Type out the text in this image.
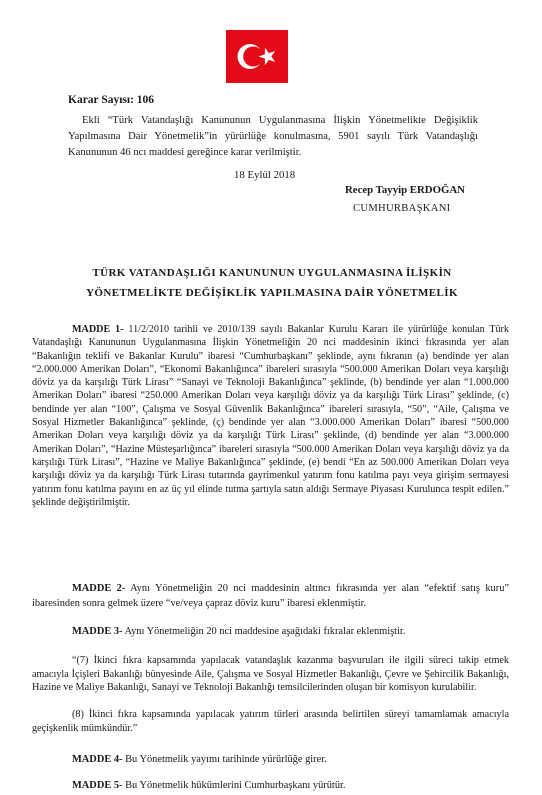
Karar Sayısı: 106
Ekli “Türk Vatandaşlığı Kanununun Uygulanmasına İlişkin Yönetmelikte Değişiklik Yapılmasına Dair Yönetmelik”in yürürlüğe konulmasına, 5901 sayılı Türk Vatandaşlığı Kanununun 46 ncı maddesi gereğince karar verilmiştir.
18 Eylül 2018
Recep Tayyip ERDOĞAN
CUMHURBAŞKANI
TÜRK VATANDAŞLIĞI KANUNUNUN UYGULANMASINA İLİŞKİN
YÖNETMELİKTE DEĞİŞİKLİK YAPILMASINA DAİR YÖNETMELİK
MADDE 1- 11/2/2010 tarihli ve 2010/139 sayılı Bakanlar Kurulu Kararı ile yürürlüğe konulan Türk Vatandaşlığı Kanununun Uygulanmasına İlişkin Yönetmeliğin 20 nci maddesinin ikinci fıkrasında yer alan “Bakanlığın teklifi ve Bakanlar Kurulu” ibaresi “Cumhurbaşkanı” şeklinde, aynı fıkranın (a) bendinde yer alan “2.000.000 Amerikan Doları”, “Ekonomi Bakanlığınca” ibareleri sırasıyla “500.000 Amerikan Doları veya karşılığı döviz ya da karşılığı Türk Lirası” “Sanayi ve Teknoloji Bakanlığınca” şeklinde, (b) bendinde yer alan “1.000.000 Amerikan Doları” ibaresi “250.000 Amerikan Doları veya karşılığı döviz ya da karşılığı Türk Lirası” şeklinde, (c) bendinde yer alan “100”, Çalışma ve Sosyal Güvenlik Bakanlığınca” ibareleri sırasıyla, “50”, “Aile, Çalışma ve Sosyal Hizmetler Bakanlığınca” şeklinde, (ç) bendinde yer alan “3.000.000 Amerikan Doları” ibaresi “500.000 Amerikan Doları veya karşılığı döviz ya da karşılığı Türk Lirası” şeklinde, (d) bendinde yer alan “3.000.000 Amerikan Doları”, “Hazine Müsteşarlığınca” ibareleri sırasıyla “500.000 Amerikan Doları veya karşılığı döviz ya da karşılığı Türk Lirası”, “Hazine ve Maliye Bakanlığınca” şeklinde, (e) bendi “En az 500.000 Amerikan Doları veya karşılığı döviz ya da karşılığı Türk Lirası tutarında gayrimenkul yatırım fonu katılma payı veya girişim sermayesi yatırım fonu katılma payını en az üç yıl elinde tutma şartıyla satın aldığı Sermaye Piyasası Kurulunca tespit edilen.” şeklinde değiştirilmiştir.
MADDE 2- Aynı Yönetmeliğin 20 nci maddesinin altıncı fıkrasında yer alan “efektif satış kuru” ibaresinden sonra gelmek üzere “ve/veya çapraz döviz kuru” ibaresi eklenmiştir.
MADDE 3- Aynı Yönetmeliğin 20 nci maddesine aşağıdaki fıkralar eklenmiştir.
“(7) İkinci fıkra kapsamında yapılacak vatandaşlık kazanma başvuruları ile ilgili süreci takip etmek amacıyla İçişleri Bakanlığı bünyesinde Aile, Çalışma ve Sosyal Hizmetler Bakanlığı, Çevre ve Şehircilik Bakanlığı, Hazine ve Maliye Bakanlığı, Sanayi ve Teknoloji Bakanlığı temsilcilerinden oluşan bir komisyon kurulabilir.
(8) İkinci fıkra kapsamında yapılacak yatırım türleri arasında belirtilen süreyi tamamlamak amacıyla geçişkenlik mümkündür.”
MADDE 4- Bu Yönetmelik yayımı tarihinde yürürlüğe girer.
MADDE 5- Bu Yönetmelik hükümlerini Cumhurbaşkanı yürütür.
